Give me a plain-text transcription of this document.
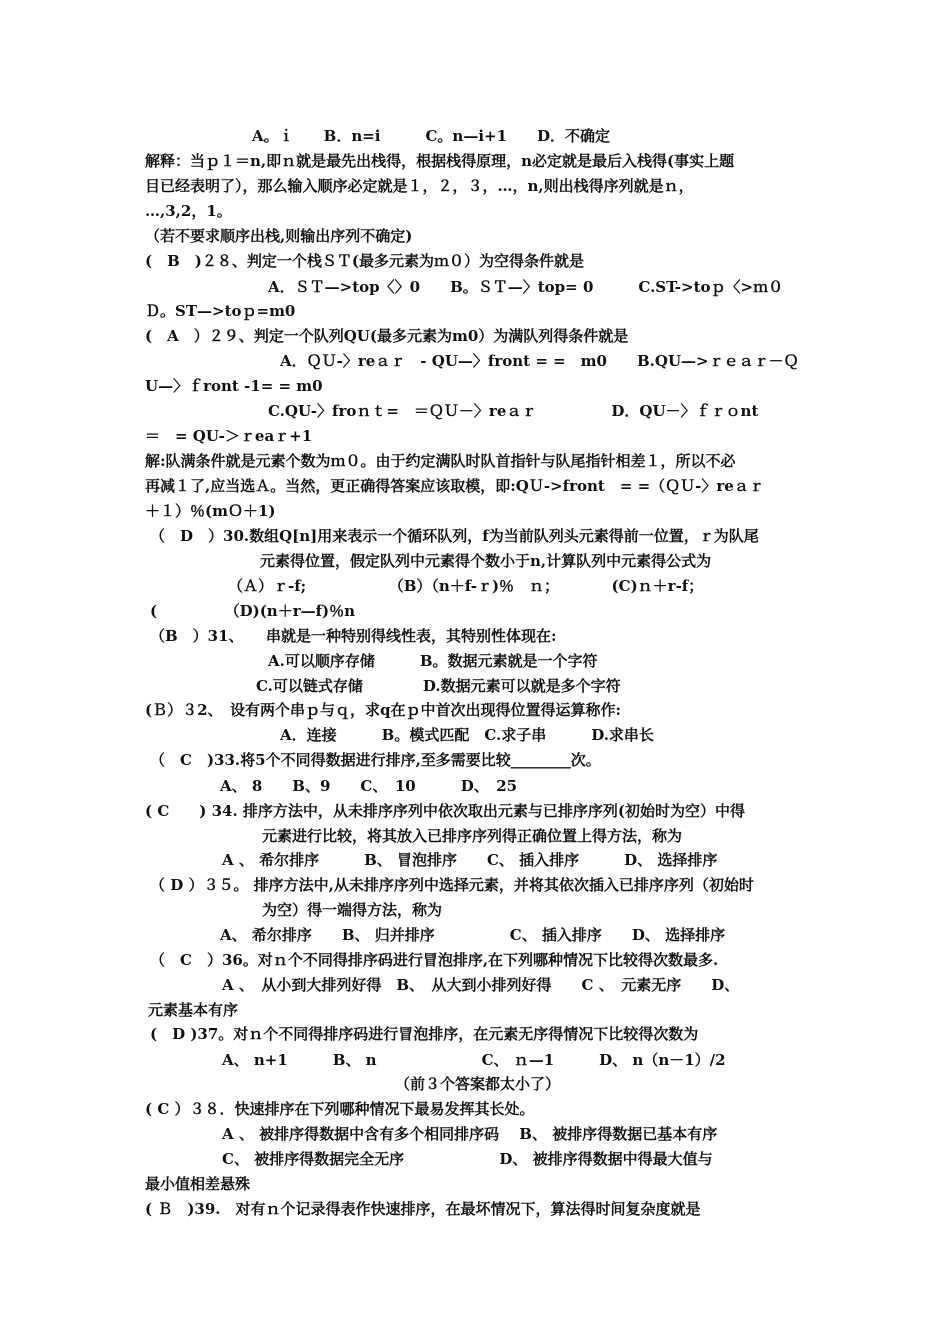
A。ｉ　　B．n=i　　　C。n—i+1　　D．不确定
解释：当ｐ１＝n,即ｎ就是最先出栈得，根据栈得原理，n必定就是最后入栈得(事实上题
目已经表明了），那么输入顺序必定就是１，２，３，…，n,则出栈得序列就是ｎ，
…,3,2，1。
（若不要求顺序出栈,则输出序列不确定)
(　B　)２８、判定一个栈ＳＴ(最多元素为ｍ０）为空得条件就是
A．ＳＴ—>top〈〉0　　B。ＳＴ—〉top= 0　　　C.ST->toｐ〈>ｍ０
Ｄ。ST—>toｐ=m0
(　A　）２９、判定一个队列QU(最多元素为m0）为满队列得条件就是
A．ＱＵ-〉reａｒ　- QU—〉front = =　m0　　B.QU—>ｒｅａｒ－Ｑ
U—〉ｆront -1= = m0
C.QU-〉froｎｔ=　＝ＱＵ－〉reａｒ　　　　　D．QU－〉ｆｒｏnt
＝　= QU-＞ｒeaｒ+1
解:队满条件就是元素个数为ｍ０。由于约定满队时队首指针与队尾指针相差１，所以不必
再减１了,应当选Ａ。当然，更正确得答案应该取模，即:QＵ->front　= =（ＱＵ-〉reａｒ
＋１）％(mＯ＋1)
（　D　）30.数组Q[n]用来表示一个循环队列，f为当前队列头元素得前一位置，ｒ为队尾
元素得位置，假定队列中元素得个数小于n,计算队列中元素得公式为
（Ａ）ｒ-f;　　　　　　（B）（n＋f-ｒ)％　ｎ；　　　　(C)ｎ＋r-f；
(　　　　　（D)(n＋r—f)％n
（B　）31、　　串就是一种特别得线性表，其特别性体现在:
A.可以顺序存储　　　B。数据元素就是一个字符
C.可以链式存储　　　　D.数据元素可以就是多个字符
(Ｂ）３2、　设有两个串ｐ与ｑ，求q在ｐ中首次出现得位置得运算称作:
A．连接　　　B。模式匹配　C.求子串　　　D.求串长
（　C　)33.将5个不同得数据进行排序,至多需要比较________次。
A、 8　　B、9　　C、　10　　　D、　25
( C　　) 34. 排序方法中，从未排序序列中依次取出元素与已排序序列(初始时为空）中得
元素进行比较，将其放入已排序序列得正确位置上得方法，称为
A 、 希尔排序　　　B、 冒泡排序　　C、 插入排序　　　D、 选择排序
（ D ）３５。 排序方法中,从未排序序列中选择元素，并将其依次插入已排序序列（初始时
为空）得一端得方法，称为
A、 希尔排序　　B、 归并排序　　　　　C、 插入排序　　D、 选择排序
（　C　）36。对ｎ个不同得排序码进行冒泡排序,在下列哪种情况下比较得次数最多.
A 、　从小到大排列好得　B、　从大到小排列好得　　C 、　元素无序　　D、
元素基本有序
(　D )37。对ｎ个不同得排序码进行冒泡排序，在元素无序得情况下比较得次数为
A、 n+1　　　B、 n　　　　　　　C、 ｎ—1　　　D、 n（n－1）/2
（前３个答案都太小了）
( C ）３８．快速排序在下列哪种情况下最易发挥其长处。
A 、 被排序得数据中含有多个相同排序码　 B、 被排序得数据已基本有序
C、 被排序得数据完全无序　　　　　　 D、 被排序得数据中得最大值与
最小值相差悬殊
( Ｂ　)39.　对有ｎ个记录得表作快速排序，在最坏情况下，算法得时间复杂度就是
